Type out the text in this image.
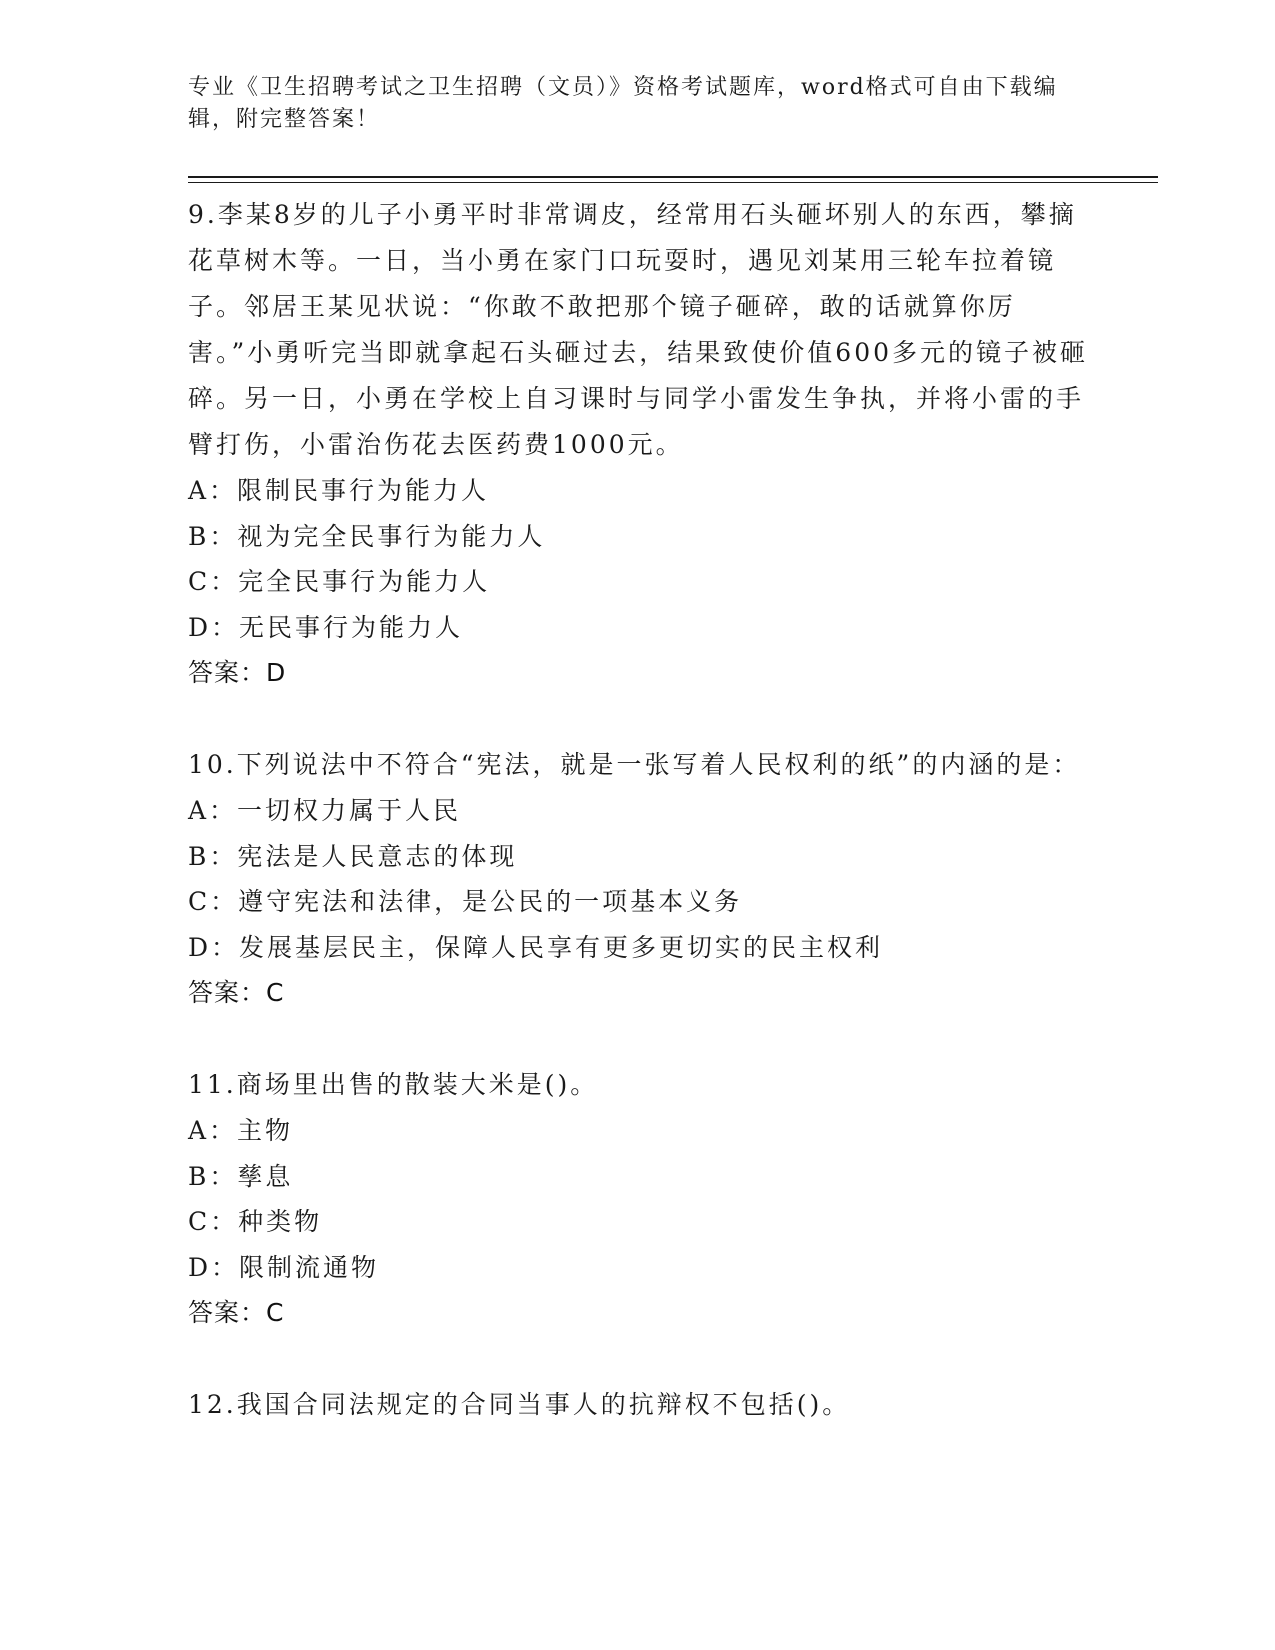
专业《卫生招聘考试之卫生招聘（文员）》资格考试题库，word格式可自由下载编辑，附完整答案！

9.李某8岁的儿子小勇平时非常调皮，经常用石头砸坏别人的东西，攀摘花草树木等。一日，当小勇在家门口玩耍时，遇见刘某用三轮车拉着镜子。邻居王某见状说：“你敢不敢把那个镜子砸碎，敢的话就算你厉害。”小勇听完当即就拿起石头砸过去，结果致使价值600多元的镜子被砸碎。另一日，小勇在学校上自习课时与同学小雷发生争执，并将小雷的手臂打伤，小雷治伤花去医药费1000元。

A：限制民事行为能力人

B：视为完全民事行为能力人

C：完全民事行为能力人

D：无民事行为能力人

答案：D

10.下列说法中不符合“宪法，就是一张写着人民权利的纸”的内涵的是：

A：一切权力属于人民

B：宪法是人民意志的体现

C：遵守宪法和法律，是公民的一项基本义务

D：发展基层民主，保障人民享有更多更切实的民主权利

答案：C

11.商场里出售的散装大米是()。

A：主物

B：孳息

C：种类物

D：限制流通物

答案：C

12.我国合同法规定的合同当事人的抗辩权不包括()。
